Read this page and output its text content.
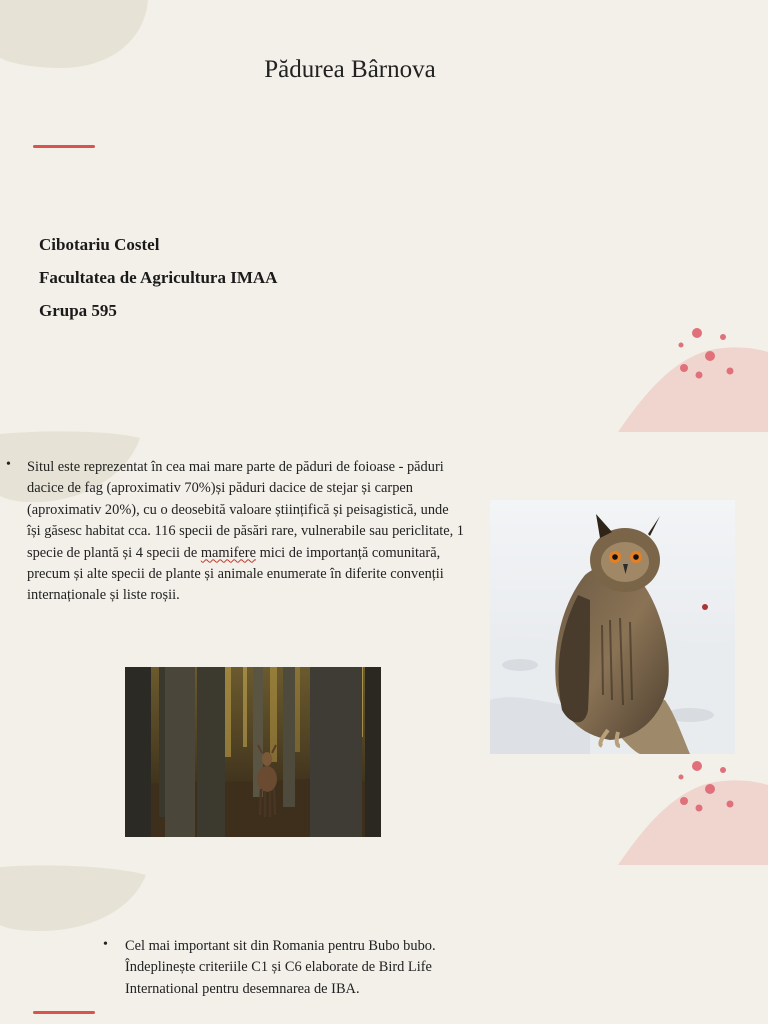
Pădurea Bârnova
Cibotariu Costel
Facultatea de Agricultura IMAA
Grupa 595
• Situl este reprezentat în cea mai mare parte de păduri de foioase - păduri dacice de fag (aproximativ 70%)și păduri dacice de stejar și carpen (aproximativ 20%), cu o deosebită valoare științifică și peisagistică, unde își găsesc habitat cca. 116 specii de păsări rare, vulnerabile sau periclitate, 1 specie de plantă și 4 specii de mamifere mici de importanță comunitară, precum și alte specii de plante și animale enumerate în diferite convenții internaționale și liste roșii.
• Cel mai important sit din Romania pentru Bubo bubo. Îndeplinește criteriile C1 și C6 elaborate de Bird Life International pentru desemnarea de IBA.
